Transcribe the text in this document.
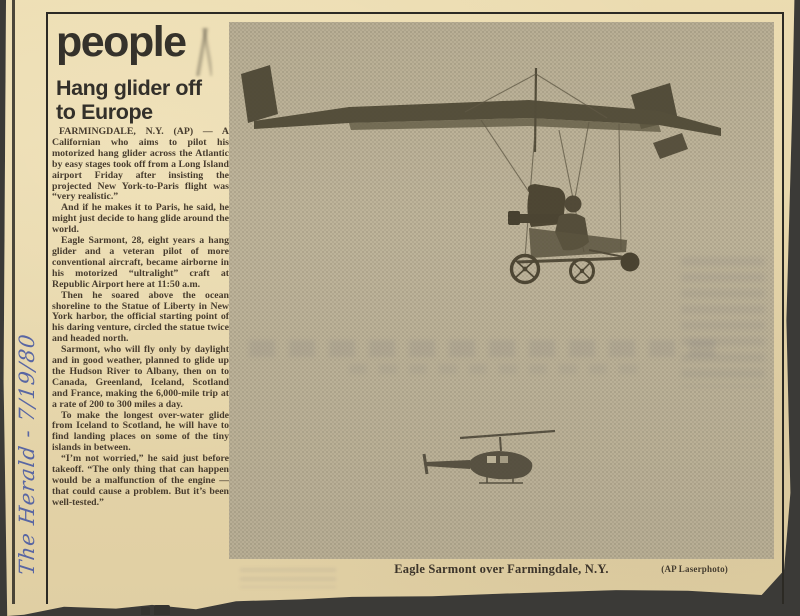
people
Hang glider off to Europe

FARMINGDALE, N.Y. (AP) — A Californian who aims to pilot his motorized hang glider across the Atlantic by easy stages took off from a Long Island airport Friday after insisting the projected New York-to-Paris flight was “very realistic.”

And if he makes it to Paris, he said, he might just decide to hang glide around the world.

Eagle Sarmont, 28, eight years a hang glider and a veteran pilot of more conventional aircraft, became airborne in his motorized “ultralight” craft at Republic Airport here at 11:50 a.m.

Then he soared above the ocean shoreline to the Statue of Liberty in New York harbor, the official starting point of his daring venture, circled the statue twice and headed north.

Sarmont, who will fly only by daylight and in good weather, planned to glide up the Hudson River to Albany, then on to Canada, Greenland, Iceland, Scotland and France, making the 6,000-mile trip at a rate of 200 to 300 miles a day.

To make the longest over-water glide from Iceland to Scotland, he will have to find landing places on some of the tiny islands in between.

“I’m not worried,” he said just before takeoff. “The only thing that can happen would be a malfunction of the engine — that could cause a problem. But it’s been well-tested.”

Eagle Sarmont over Farmingdale, N.Y.	(AP Laserphoto)
The Herald - 7/19/80
